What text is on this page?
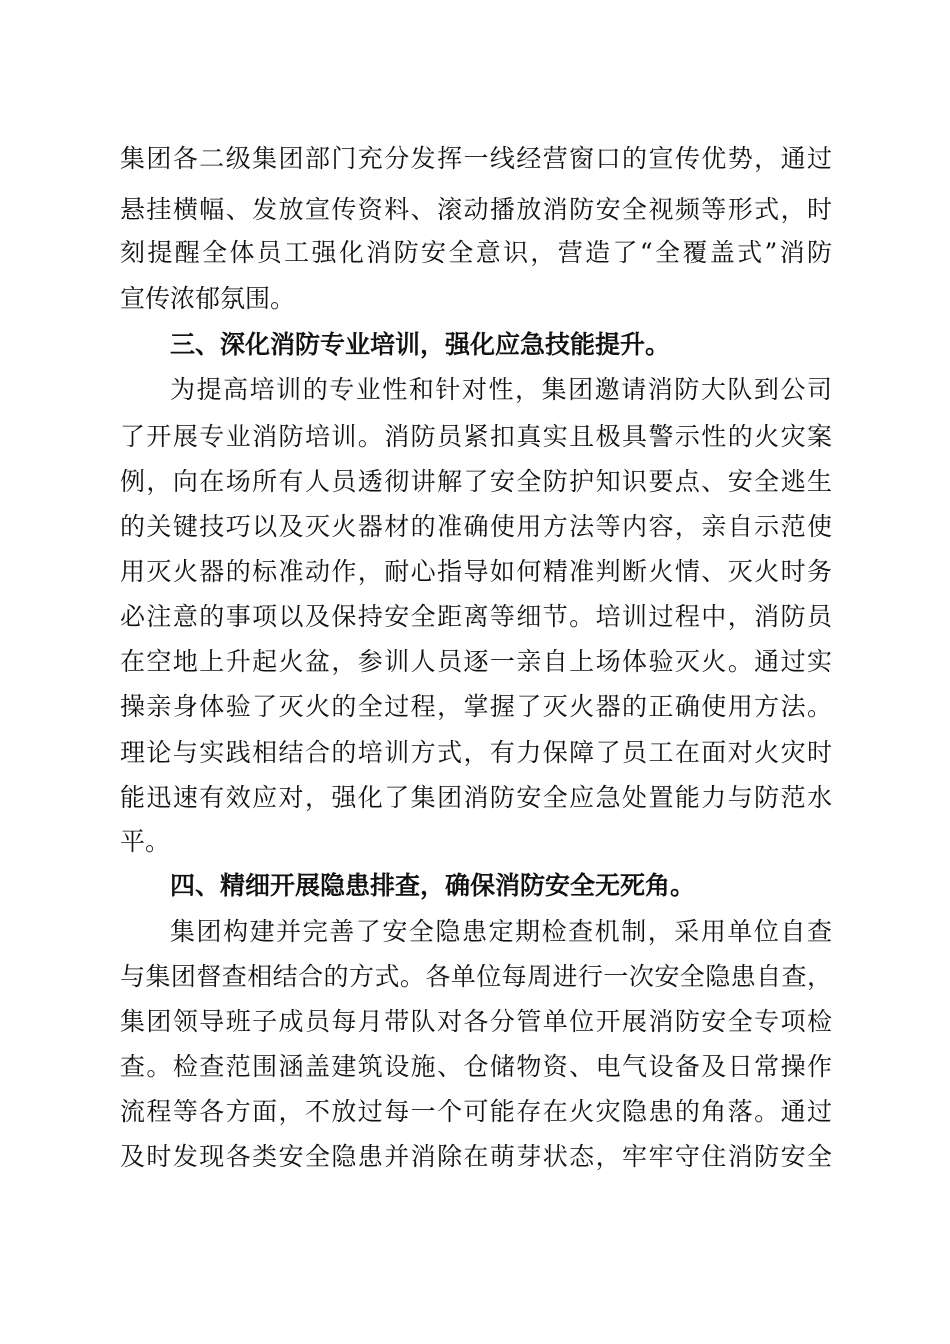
集团各二级集团部门充分发挥一线经营窗口的宣传优势，通过
悬挂横幅、发放宣传资料、滚动播放消防安全视频等形式，时
刻提醒全体员工强化消防安全意识，营造了“全覆盖式”消防
宣传浓郁氛围。
三、深化消防专业培训，强化应急技能提升。
为提高培训的专业性和针对性，集团邀请消防大队到公司
了开展专业消防培训。消防员紧扣真实且极具警示性的火灾案
例，向在场所有人员透彻讲解了安全防护知识要点、安全逃生
的关键技巧以及灭火器材的准确使用方法等内容，亲自示范使
用灭火器的标准动作，耐心指导如何精准判断火情、灭火时务
必注意的事项以及保持安全距离等细节。培训过程中，消防员
在空地上升起火盆，参训人员逐一亲自上场体验灭火。通过实
操亲身体验了灭火的全过程，掌握了灭火器的正确使用方法。
理论与实践相结合的培训方式，有力保障了员工在面对火灾时
能迅速有效应对，强化了集团消防安全应急处置能力与防范水
平。
四、精细开展隐患排查，确保消防安全无死角。
集团构建并完善了安全隐患定期检查机制，采用单位自查
与集团督查相结合的方式。各单位每周进行一次安全隐患自查，
集团领导班子成员每月带队对各分管单位开展消防安全专项检
查。检查范围涵盖建筑设施、仓储物资、电气设备及日常操作
流程等各方面，不放过每一个可能存在火灾隐患的角落。通过
及时发现各类安全隐患并消除在萌芽状态，牢牢守住消防安全
